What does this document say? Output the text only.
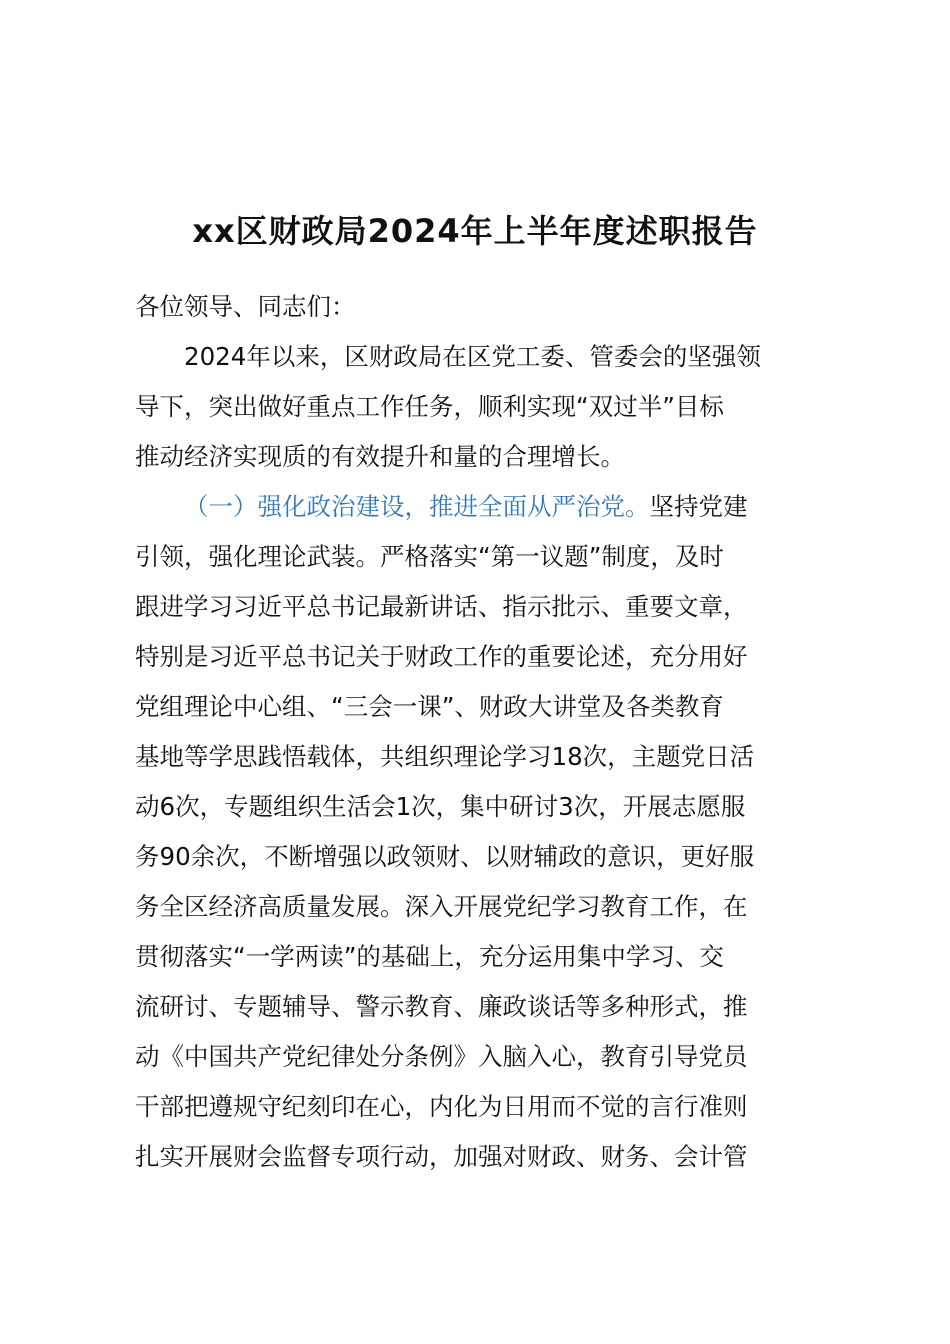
xx区财政局2024年上半年度述职报告
各位领导、同志们：
2024年以来，区财政局在区党工委、管委会的坚强领
导下，突出做好重点工作任务，顺利实现“双过半”目标
推动经济实现质的有效提升和量的合理增长。
（一）强化政治建设，推进全面从严治党。坚持党建
引领，强化理论武装。严格落实“第一议题”制度，及时
跟进学习习近平总书记最新讲话、指示批示、重要文章，
特别是习近平总书记关于财政工作的重要论述，充分用好
党组理论中心组、“三会一课”、财政大讲堂及各类教育
基地等学思践悟载体，共组织理论学习18次，主题党日活
动6次，专题组织生活会1次，集中研讨3次，开展志愿服
务90余次，不断增强以政领财、以财辅政的意识，更好服
务全区经济高质量发展。深入开展党纪学习教育工作，在
贯彻落实“一学两读”的基础上，充分运用集中学习、交
流研讨、专题辅导、警示教育、廉政谈话等多种形式，推
动《中国共产党纪律处分条例》入脑入心，教育引导党员
干部把遵规守纪刻印在心，内化为日用而不觉的言行准则
扎实开展财会监督专项行动，加强对财政、财务、会计管
